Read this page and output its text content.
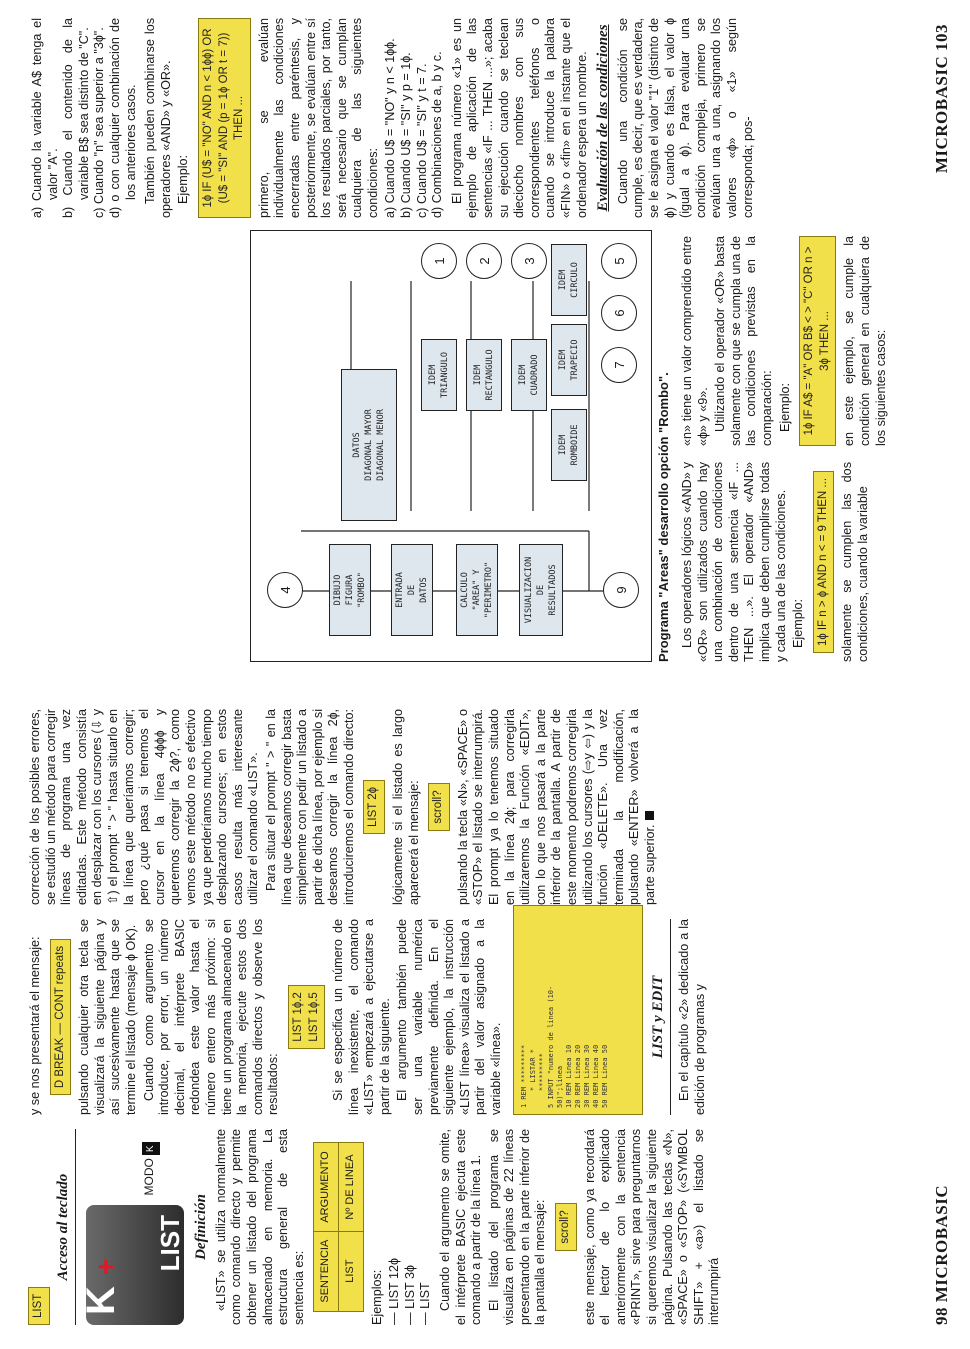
98 MICROBASIC
LIST
Acceso al teclado
K
+ LIST
MODOK
Definición «LIST» se utiliza normalmente como comando directo y permite obtener un listado del programa almacenado en memoria. La estructura general de esta sentencia es: SENTENCIA	ARGUMENTO
LIST	Nº DE LINEA

Ejemplos: — LIST 12ɸ — LIST 3ɸ — LIST Cuando el argumento se omite, el intérprete BASIC ejecuta este comando a partir de la línea 1. El listado del programa se visualiza en páginas de 22 líneas presentando en la parte inferior de la pantalla el mensaje:	scroll? este mensaje, como ya recordará el lector de lo explicado anteriormente con la sentencia «PRINT», sirve para preguntarnos si queremos visualizar la siguiente página. Pulsando las teclas «N», «SPACE» o «STOP» («SYMBOL SHIFT» + «a») el listado se interrumpirá

y se nos presentará el mensaje:	D BREAK — CONT repeats pulsando cualquier otra tecla se visualizará la siguiente página y así sucesivamente hasta que se termine el listado (mensaje ɸ OK). Cuando como argumento se introduce, por error, un número decimal, el intérprete BASIC redondea este valor hasta el número entero más próximo: si tiene un programa almacenado en la memoria, ejecute estos dos comandos directos y observe los resultados:

LIST 1ɸ.2 LIST 1ɸ.5 Si se especifica un número de línea inexistente, el comando «LIST» empezará a ejecutarse a partir de la siguiente. El argumento también puede ser una variable numérica previamente definida. En el siguiente ejemplo, la instrucción «LIST línea» visualiza el listado a partir del valor asignado a la variable «línea».	1 REM *********
* LISTAR *
*********
5 INPUT "numero de linea (10-
50)";linea
10 REM Linea 10
20 REM Linea 20
30 REM Linea 30
40 REM Linea 40
50 REM Linea 50	LIST y EDIT En el capítulo «2» dedicado a la edición de programas y

corrección de los posibles errores, se estudió un método para corregir líneas de programa una vez editadas. Este método consistía en desplazar con los cursores (⇩ y ⇧) el prompt " > " hasta situarlo en la línea que queríamos corregir; pero ¿qué pasa si tenemos el cursor en la línea 4ɸɸɸ y queremos corregir la 2ɸ?, como vemos este método no es efectivo ya que perderíamos mucho tiempo desplazando cursores; en estos casos resulta más interesante utilizar el comando «LIST». Para situar el prompt " > " en la línea que deseamos corregir basta simplemente con pedir un listado a partir de dicha línea, por ejemplo si deseamos corregir la línea 2ɸ, introduciremos el comando directo:	LIST 2ɸ lógicamente si el listado es largo aparecerá el mensaje:	scroll? pulsando la tecla «N», «SPACE» o «STOP» el listado se interrumpirá. El prompt ya lo tenemos situado en la línea 2ɸ; para corregirla utilizaremos la Función «EDIT», con lo que nos pasará a la parte inferior de la pantalla. A partir de este momento podremos corregirla utilizando los cursores (⇨y ⇦) y la función «DELETE». Una vez terminada la modificación, pulsando «ENTER» volverá a la parte superior.

MICROBASIC 103
4	DIBUJO
FIGURA
"ROMBO"	ENTRADA
DE
DATOS	CALCULO
"AREA" Y
"PERIMETRO"	VISUALIZACION
DE
RESULTADOS	9
DATOS DIAGONAL MAYOR DIAGONAL MENOR
IDEM
TRIANGULO	IDEM
RECTANGULO	IDEM
CUADRADO
IDEM
ROMBOIDE
IDEM
TRAPECIO
IDEM
CIRCULO
1	2	3	5
6
7
Programa "Areas" desarrollo opción "Rombo". Los operadores lógicos «AND» y «OR» son utilizados cuando hay una combinación de condiciones dentro de una sentencia «IF ... THEN ...». El operador «AND» implica que deben cumplirse todas y cada una de las condiciones. Ejemplo:	1ɸ IF n > ɸ AND n < = 9 THEN ... solamente se cumplen las dos condiciones, cuando la variable

«n» tiene un valor comprendido entre «ɸ» y «9». Utilizando el operador «OR» basta solamente con que se cumpla una de las condiciones previstas en la comparación: Ejemplo:	1ɸ IF A$ = "A" OR B$ < > "C" OR n > 3ɸ THEN ... en este ejemplo, se cumple la condición general en cualquiera de los siguientes casos:

a) Cuando la variable A$ tenga el valor "A". b) Cuando el contenido de la variable B$ sea distinto de "C". c) Cuando "n" sea superior a "3ɸ". d) o con cualquier combinación de los anteriores casos. También pueden combinarse los operadores «AND» y «OR». Ejemplo:	1ɸ IF (U$ = "NO" AND n < 1ɸɸ) OR (U$ = "SI" AND (p = 1ɸ OR t = 7)) THEN ... primero, se evalúan individualmente las condiciones encerradas entre paréntesis, y posteriormente, se evalúan entre sí los resultados parciales, por tanto, será necesario que se cumplan cualquiera de las siguientes condiciones: a) Cuando U$ = "NO" y n < 1ɸɸ. b) Cuando U$ = "SI" y p = 1ɸ. c) Cuando U$ = "SI" y t = 7. d) Combinaciones de a, b y c. El programa número «1» es un ejemplo de aplicación de las sentencias «IF ... THEN ...»; acaba su ejecución cuando se teclean dieciocho nombres con sus correspondientes teléfonos o cuando se introduce la palabra «FIN» o «fin» en el instante que el ordenador espera un nombre. Evaluación de las condiciones Cuando una condición se cumple, es decir, que es verdadera, se le asigna el valor "1" (distinto de ɸ) y cuando es falsa, el valor ɸ (igual a ɸ). Para evaluar una condición compleja, primero se evalúan una a una, asignando los valores «ɸ» o «1» según corresponda; pos-
